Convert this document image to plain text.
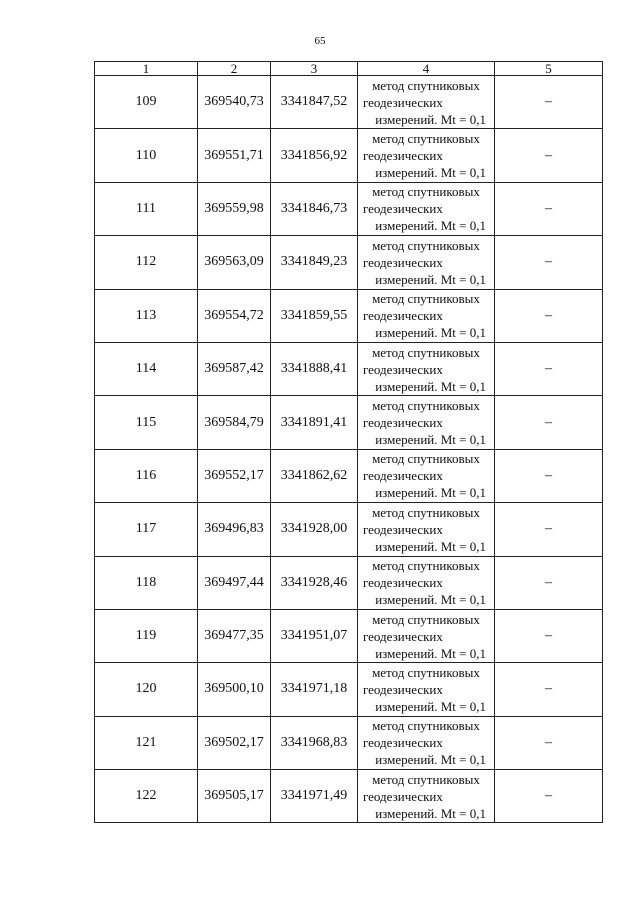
65
1	2	3	4	5
109	369540,73	3341847,52	метод спутниковых
геодезических
измерений. Mt = 0,1	–
110	369551,71	3341856,92	метод спутниковых
геодезических
измерений. Mt = 0,1	–
111	369559,98	3341846,73	метод спутниковых
геодезических
измерений. Mt = 0,1	–
112	369563,09	3341849,23	метод спутниковых
геодезических
измерений. Mt = 0,1	–
113	369554,72	3341859,55	метод спутниковых
геодезических
измерений. Mt = 0,1	–
114	369587,42	3341888,41	метод спутниковых
геодезических
измерений. Mt = 0,1	–
115	369584,79	3341891,41	метод спутниковых
геодезических
измерений. Mt = 0,1	–
116	369552,17	3341862,62	метод спутниковых
геодезических
измерений. Mt = 0,1	–
117	369496,83	3341928,00	метод спутниковых
геодезических
измерений. Mt = 0,1	–
118	369497,44	3341928,46	метод спутниковых
геодезических
измерений. Mt = 0,1	–
119	369477,35	3341951,07	метод спутниковых
геодезических
измерений. Mt = 0,1	–
120	369500,10	3341971,18	метод спутниковых
геодезических
измерений. Mt = 0,1	–
121	369502,17	3341968,83	метод спутниковых
геодезических
измерений. Mt = 0,1	–
122	369505,17	3341971,49	метод спутниковых
геодезических
измерений. Mt = 0,1	–
